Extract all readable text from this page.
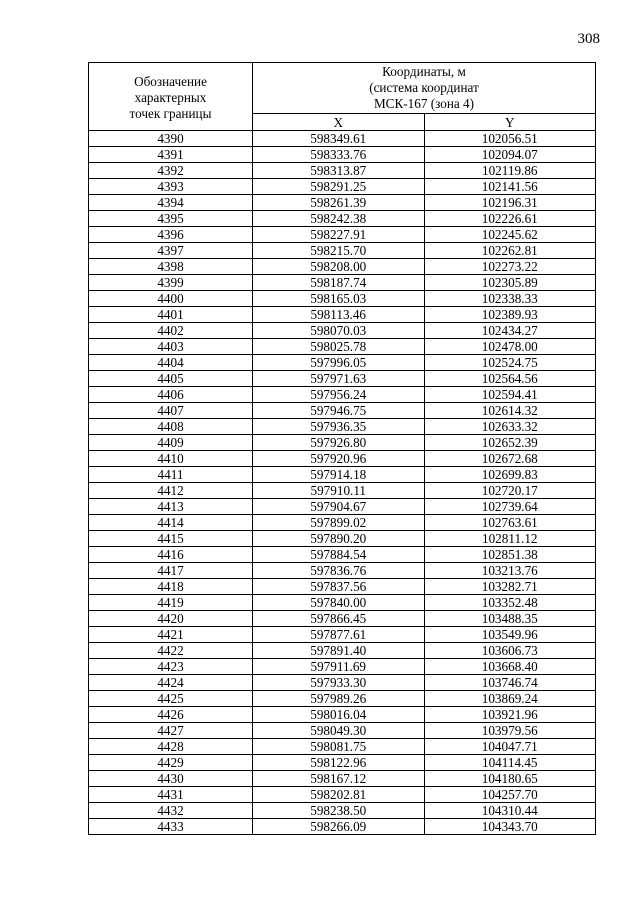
308
Обозначение
характерных
точек границы	Координаты, м
(система координат
МСК-167 (зона 4)	

	X	Y
4390	598349.61	102056.51
4391	598333.76	102094.07
4392	598313.87	102119.86
4393	598291.25	102141.56
4394	598261.39	102196.31
4395	598242.38	102226.61
4396	598227.91	102245.62
4397	598215.70	102262.81
4398	598208.00	102273.22
4399	598187.74	102305.89
4400	598165.03	102338.33
4401	598113.46	102389.93
4402	598070.03	102434.27
4403	598025.78	102478.00
4404	597996.05	102524.75
4405	597971.63	102564.56
4406	597956.24	102594.41
4407	597946.75	102614.32
4408	597936.35	102633.32
4409	597926.80	102652.39
4410	597920.96	102672.68
4411	597914.18	102699.83
4412	597910.11	102720.17
4413	597904.67	102739.64
4414	597899.02	102763.61
4415	597890.20	102811.12
4416	597884.54	102851.38
4417	597836.76	103213.76
4418	597837.56	103282.71
4419	597840.00	103352.48
4420	597866.45	103488.35
4421	597877.61	103549.96
4422	597891.40	103606.73
4423	597911.69	103668.40
4424	597933.30	103746.74
4425	597989.26	103869.24
4426	598016.04	103921.96
4427	598049.30	103979.56
4428	598081.75	104047.71
4429	598122.96	104114.45
4430	598167.12	104180.65
4431	598202.81	104257.70
4432	598238.50	104310.44
4433	598266.09	104343.70
